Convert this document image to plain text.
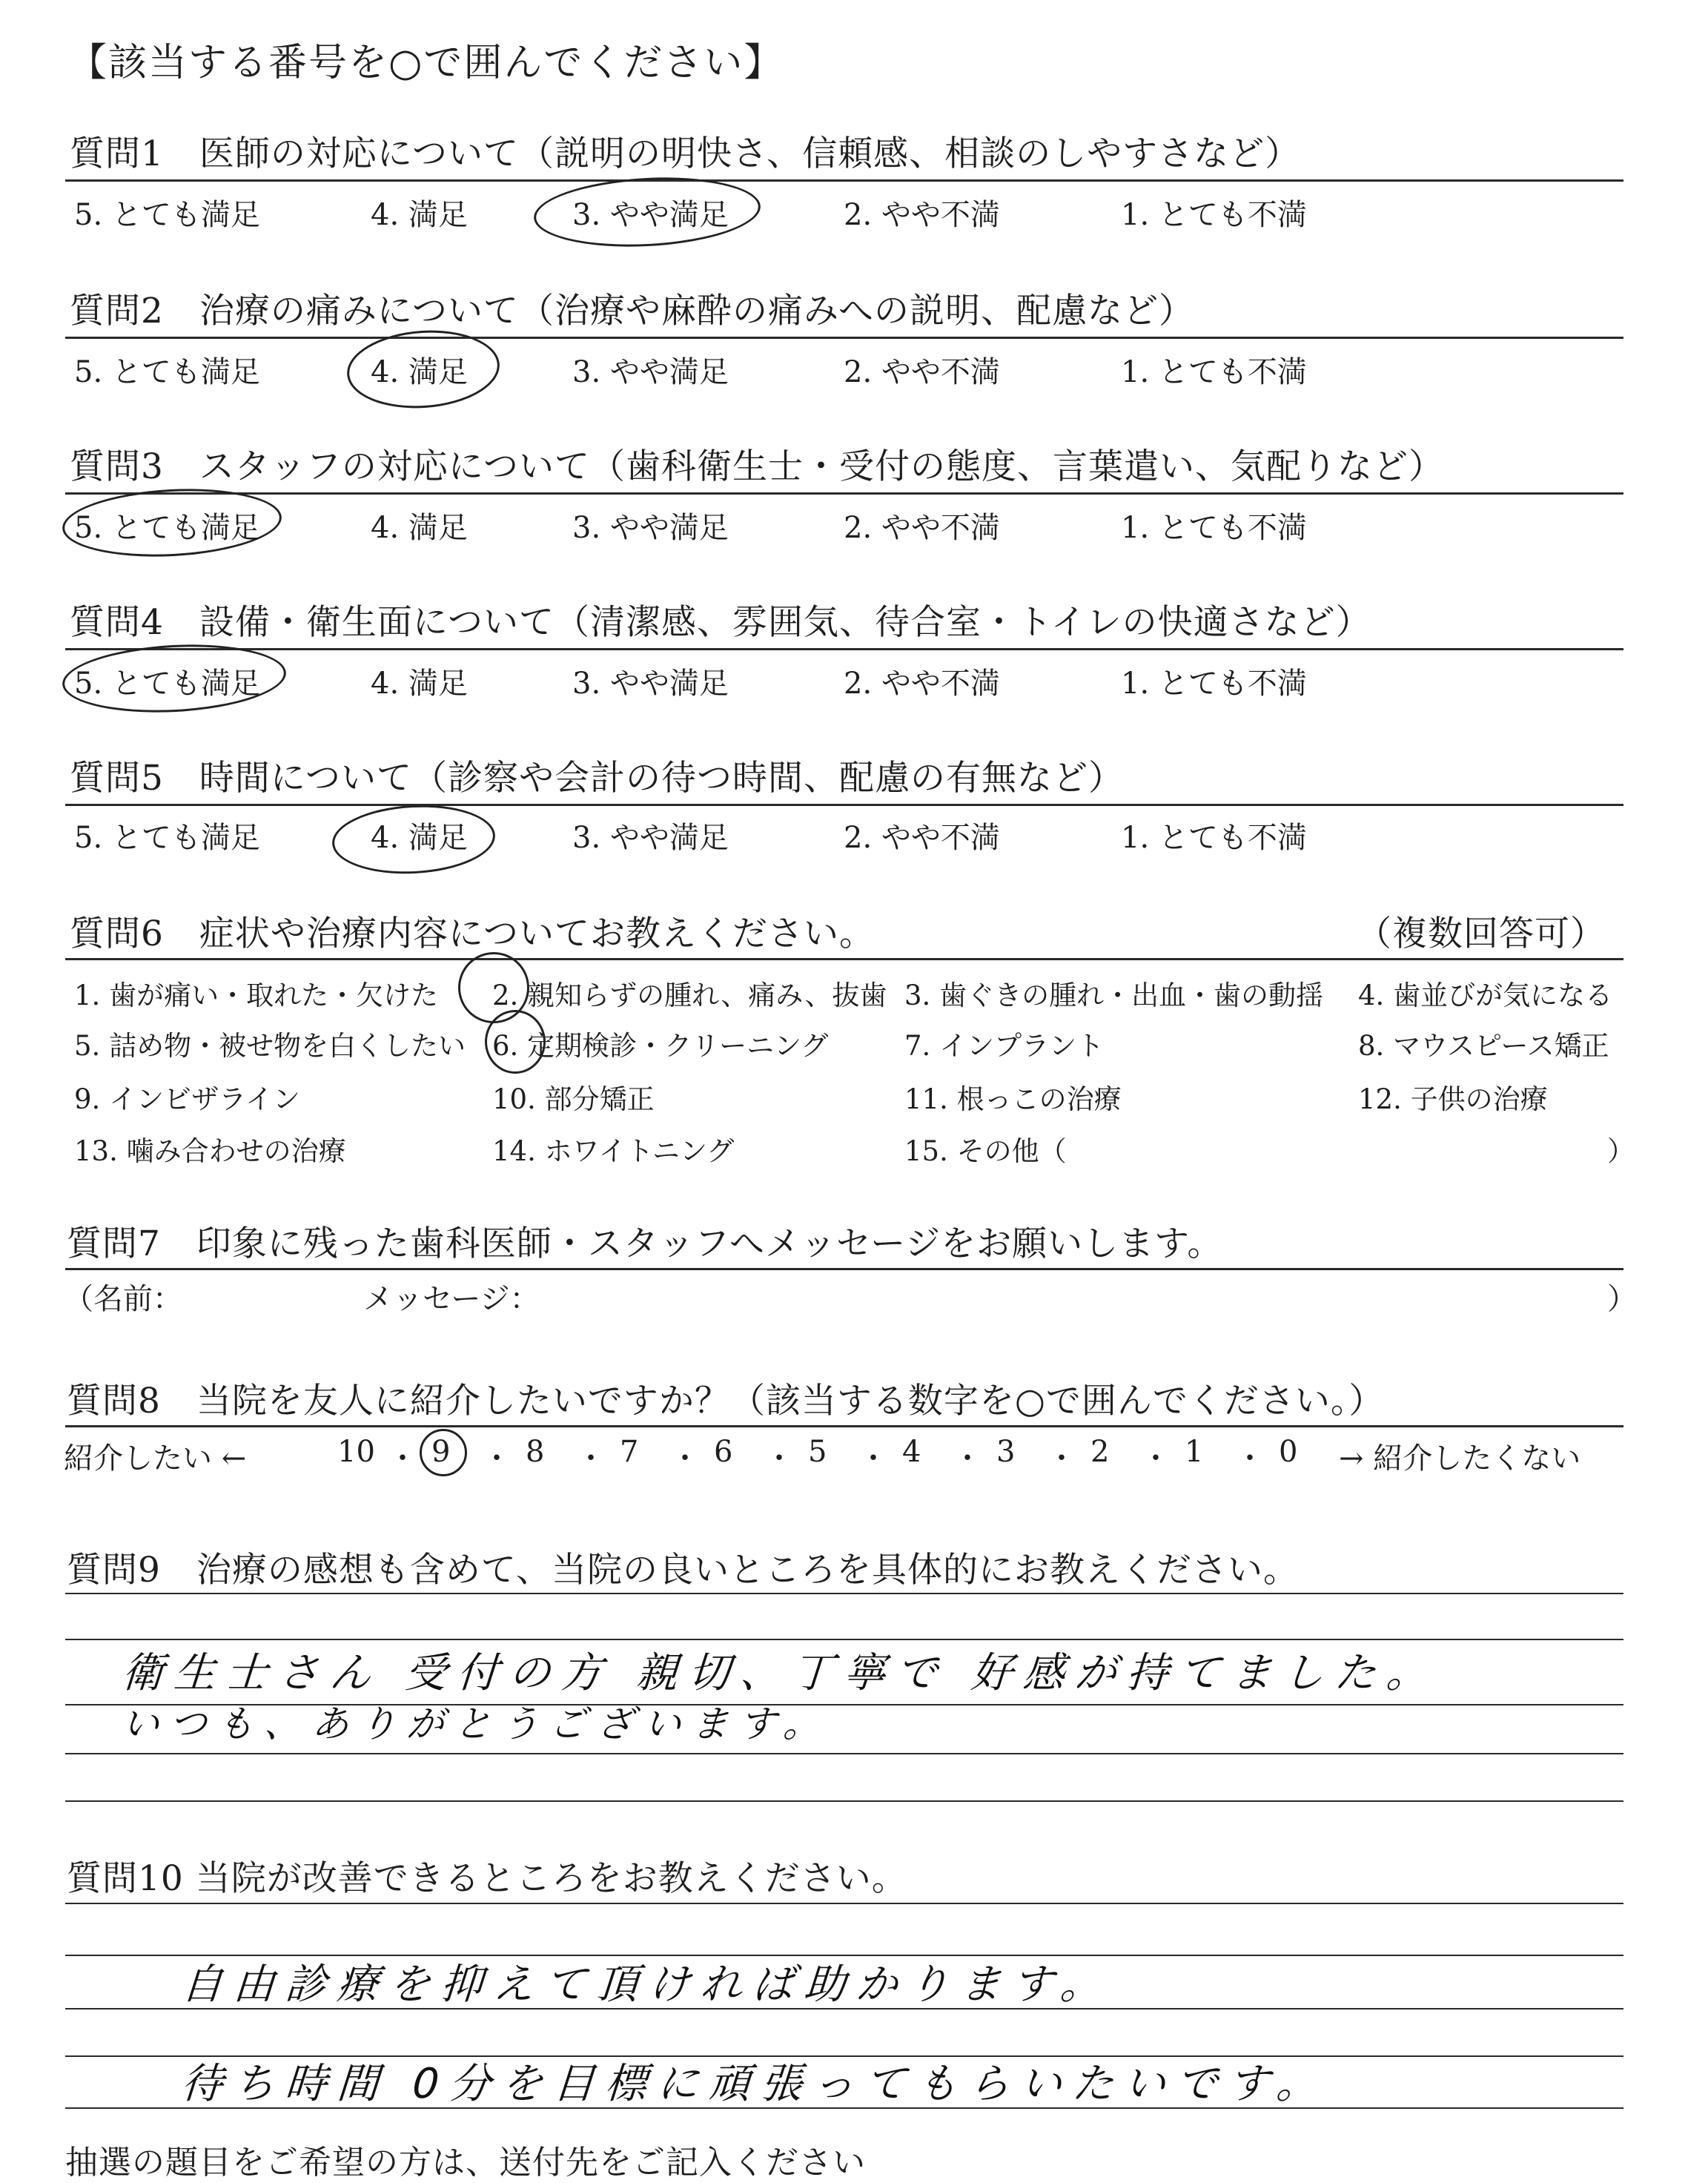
【該当する番号を○で囲んでください】
質問1　医師の対応について（説明の明快さ、信頼感、相談のしやすさなど）
5. とても満足	4. 満足	3. やや満足	2. やや不満	1. とても不満
質問2　治療の痛みについて（治療や麻酔の痛みへの説明、配慮など）
5. とても満足	4. 満足	3. やや満足	2. やや不満	1. とても不満
質問3　スタッフの対応について（歯科衛生士・受付の態度、言葉遣い、気配りなど）
5. とても満足	4. 満足	3. やや満足	2. やや不満	1. とても不満
質問4　設備・衛生面について（清潔感、雰囲気、待合室・トイレの快適さなど）
5. とても満足	4. 満足	3. やや満足	2. やや不満	1. とても不満
質問5　時間について（診察や会計の待つ時間、配慮の有無など）
5. とても満足	4. 満足	3. やや満足	2. やや不満	1. とても不満
質問6　症状や治療内容についてお教えください。	（複数回答可）
1. 歯が痛い・取れた・欠けた 2. 親知らずの腫れ、痛み、抜歯 3. 歯ぐきの腫れ・出血・歯の動揺 4. 歯並びが気になる
5. 詰め物・被せ物を白くしたい 6. 定期検診・クリーニング	7. インプラント	8. マウスピース矯正
9. インビザライン	10. 部分矯正	11. 根っこの治療	12. 子供の治療
13. 噛み合わせの治療	14. ホワイトニング	15. その他（	）
質問7　印象に残った歯科医師・スタッフへメッセージをお願いします。
（名前：	メッセージ：	）
質問8　当院を友人に紹介したいですか？（該当する数字を○で囲んでください。）
紹介したい ←	10 ・ 9 ・ 8 ・ 7 ・ 6 ・ 5 ・ 4 ・ 3 ・ 2 ・ 1 ・ 0 → 紹介したくない
質問9　治療の感想も含めて、当院の良いところを具体的にお教えください。
衛生士さん 受付の方 親切、丁寧で 好感が持てました。
いつも、ありがとうございます。
質問10 当院が改善できるところをお教えください。
自由診療を抑えて頂ければ助かります。
待ち時間 0分を目標に頑張ってもらいたいです。
抽選の題目をご希望の方は、送付先をご記入ください
